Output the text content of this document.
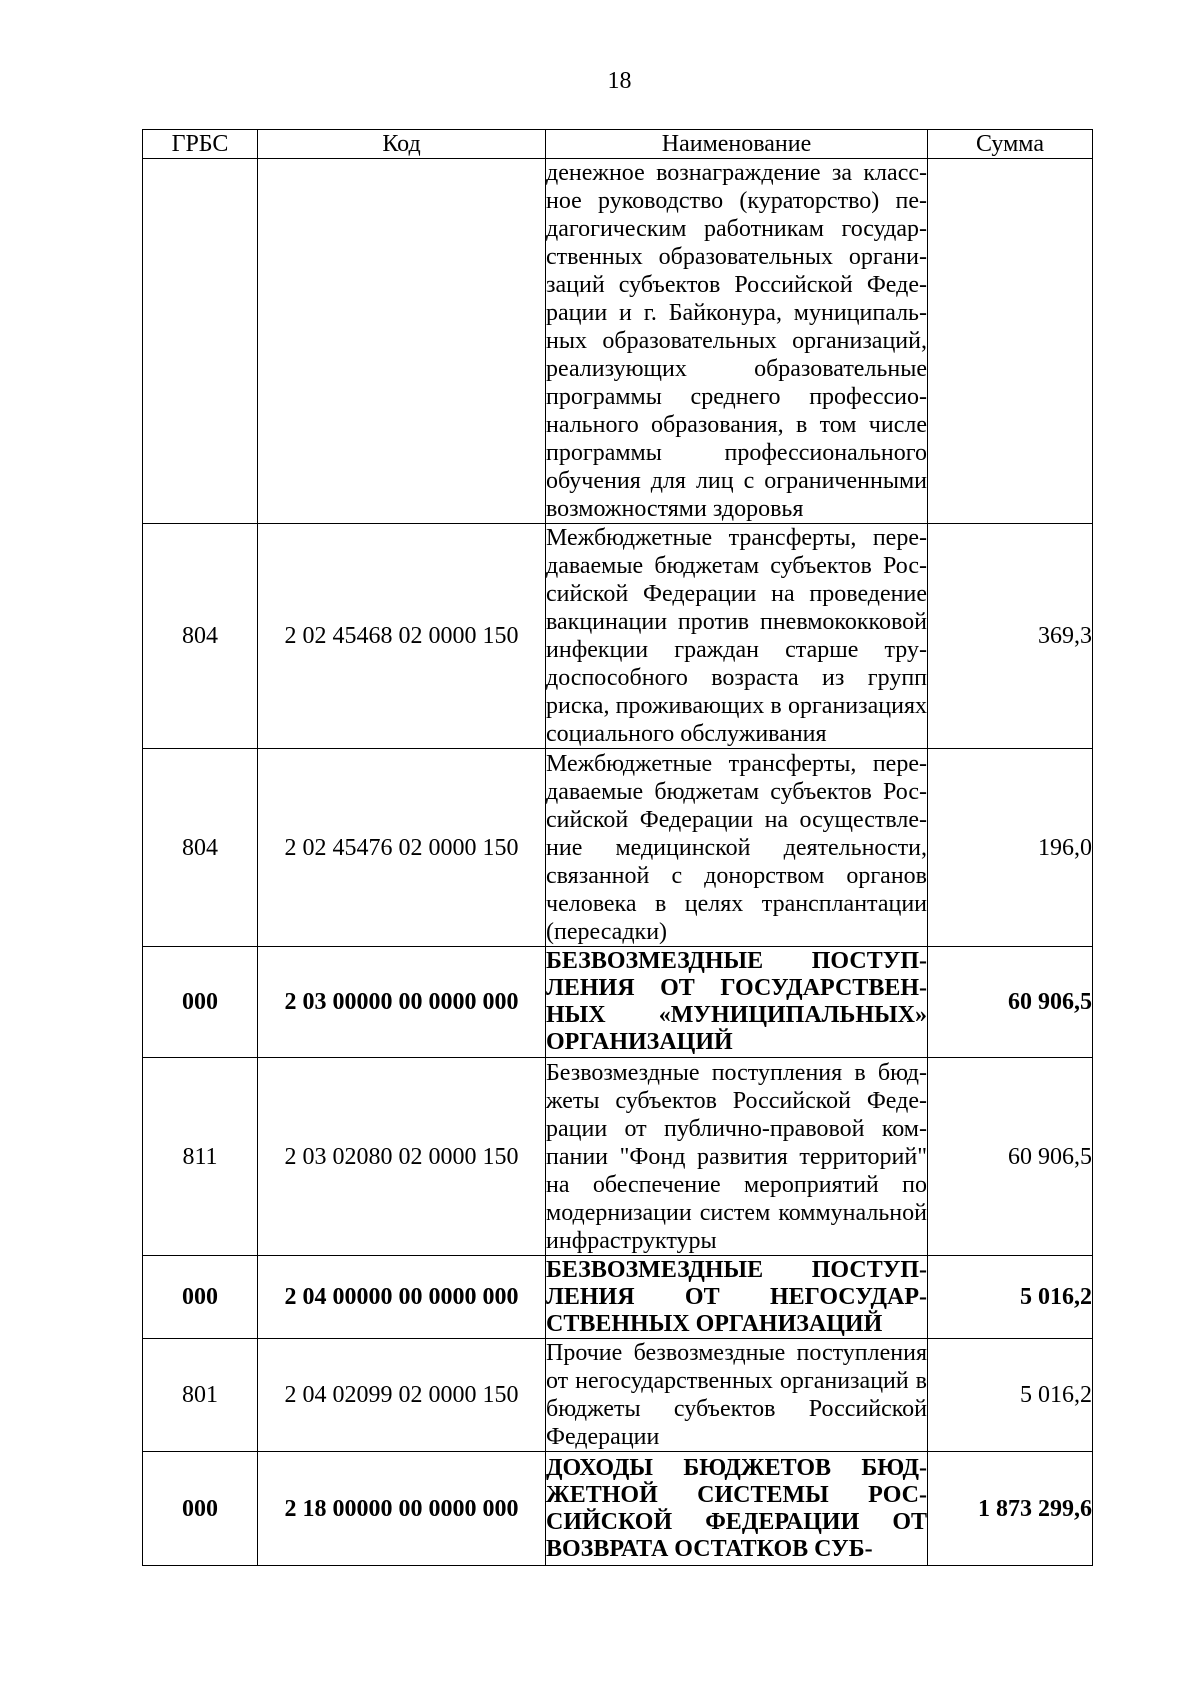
18
ГРБС	Код	Наименование	Сумма
		денежное вознаграждение за классное руководство (кураторство) педагогическим работникам государственных образовательных организаций субъектов Российской Федерации и г. Байконура, муниципальных образовательных организаций, реализующих образовательные программы среднего профессионального образования, в том числе программы профессионального обучения для лиц с ограниченными возможностями здоровья	
804	2 02 45468 02 0000 150	Межбюджетные трансферты, передаваемые бюджетам субъектов Российской Федерации на проведение вакцинации против пневмококковой инфекции граждан старше трудоспособного возраста из групп риска, проживающих в организациях социального обслуживания	369,3
804	2 02 45476 02 0000 150	Межбюджетные трансферты, передаваемые бюджетам субъектов Российской Федерации на осуществление медицинской деятельности, связанной с донорством органов человека в целях трансплантации (пересадки)	196,0
000	2 03 00000 00 0000 000	БЕЗВОЗМЕЗДНЫЕ ПОСТУПЛЕНИЯ ОТ ГОСУДАРСТВЕННЫХ «МУНИЦИПАЛЬНЫХ» ОРГАНИЗАЦИЙ	60 906,5
811	2 03 02080 02 0000 150	Безвозмездные поступления в бюджеты субъектов Российской Федерации от публично-правовой компании "Фонд развития территорий" на обеспечение мероприятий по модернизации систем коммунальной инфраструктуры	60 906,5
000	2 04 00000 00 0000 000	БЕЗВОЗМЕЗДНЫЕ ПОСТУПЛЕНИЯ ОТ НЕГОСУДАРСТВЕННЫХ ОРГАНИЗАЦИЙ	5 016,2
801	2 04 02099 02 0000 150	Прочие безвозмездные поступления от негосударственных организаций в бюджеты субъектов Российской Федерации	5 016,2
000	2 18 00000 00 0000 000	ДОХОДЫ БЮДЖЕТОВ БЮДЖЕТНОЙ СИСТЕМЫ РОССИЙСКОЙ ФЕДЕРАЦИИ ОТ ВОЗВРАТА ОСТАТКОВ СУБ-	1 873 299,6
